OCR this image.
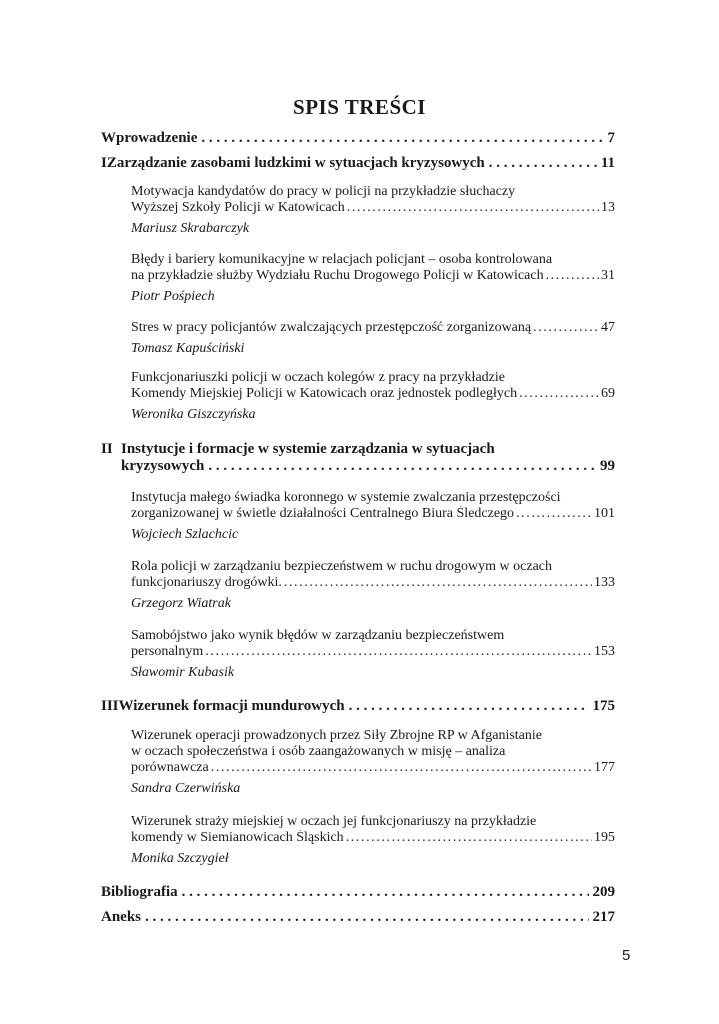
SPIS TREŚCI
Wprowadzenie . . .	7
I Zarządzanie zasobami ludzkimi w sytuacjach kryzysowych . . .	11
Motywacja kandydatów do pracy w policji na przykładzie słuchaczy
Wyższej Szkoły Policji w Katowicach .....	13
Mariusz Skrabarczyk
Błędy i bariery komunikacyjne w relacjach policjant – osoba kontrolowana
na przykładzie służby Wydziału Ruchu Drogowego Policji w Katowicach .....	31
Piotr Pośpiech
Stres w pracy policjantów zwalczających przestępczość zorganizowaną .....	47
Tomasz Kapuściński
Funkcjonariuszki policji w oczach kolegów z pracy na przykładzie
Komendy Miejskiej Policji w Katowicach oraz jednostek podległych .....	69
Weronika Giszczyńska
II Instytucje i formacje w systemie zarządzania w sytuacjach
kryzysowych . . .	99
Instytucja małego świadka koronnego w systemie zwalczania przestępczości
zorganizowanej w świetle działalności Centralnego Biura Śledczego .....	101
Wojciech Szlachcic
Rola policji w zarządzaniu bezpieczeństwem w ruchu drogowym w oczach
funkcjonariuszy drogówki. .....	133
Grzegorz Wiatrak
Samobójstwo jako wynik błędów w zarządzaniu bezpieczeństwem
personalnym .....	153
Sławomir Kubasik
III Wizerunek formacji mundurowych . . .	175
Wizerunek operacji prowadzonych przez Siły Zbrojne RP w Afganistanie
w oczach społeczeństwa i osób zaangażowanych w misję – analiza
porównawcza .....	177
Sandra Czerwińska
Wizerunek straży miejskiej w oczach jej funkcjonariuszy na przykładzie
komendy w Siemianowicach Śląskich .....	195
Monika Szczygieł
Bibliografia . . .	209
Aneks . . .	217
5
